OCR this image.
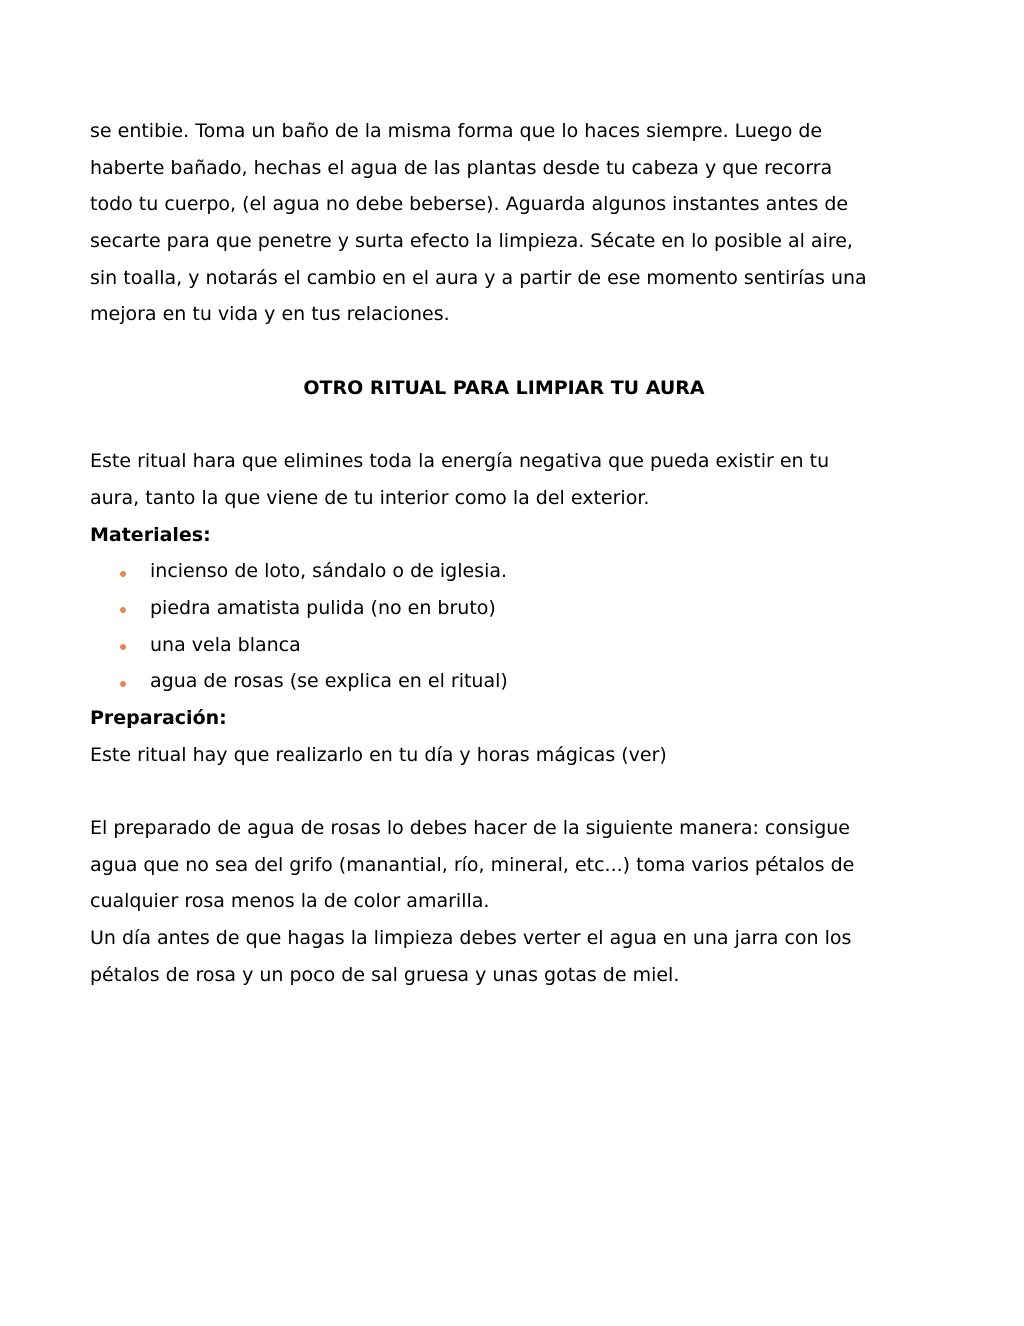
se entibie. Toma un baño de la misma forma que lo haces siempre. Luego de
haberte bañado, hechas el agua de las plantas desde tu cabeza y que recorra
todo tu cuerpo, (el agua no debe beberse). Aguarda algunos instantes antes de
secarte para que penetre y surta efecto la limpieza. Sécate en lo posible al aire,
sin toalla, y notarás el cambio en el aura y a partir de ese momento sentirías una
mejora en tu vida y en tus relaciones.
OTRO RITUAL PARA LIMPIAR TU AURA
Este ritual hara que elimines toda la energía negativa que pueda existir en tu
aura, tanto la que viene de tu interior como la del exterior.
Materiales:
incienso de loto, sándalo o de iglesia.
piedra amatista pulida (no en bruto)
una vela blanca
agua de rosas (se explica en el ritual)
Preparación:
Este ritual hay que realizarlo en tu día y horas mágicas (ver)
El preparado de agua de rosas lo debes hacer de la siguiente manera: consigue
agua que no sea del grifo (manantial, río, mineral, etc...) toma varios pétalos de
cualquier rosa menos la de color amarilla.
Un día antes de que hagas la limpieza debes verter el agua en una jarra con los
pétalos de rosa y un poco de sal gruesa y unas gotas de miel.
